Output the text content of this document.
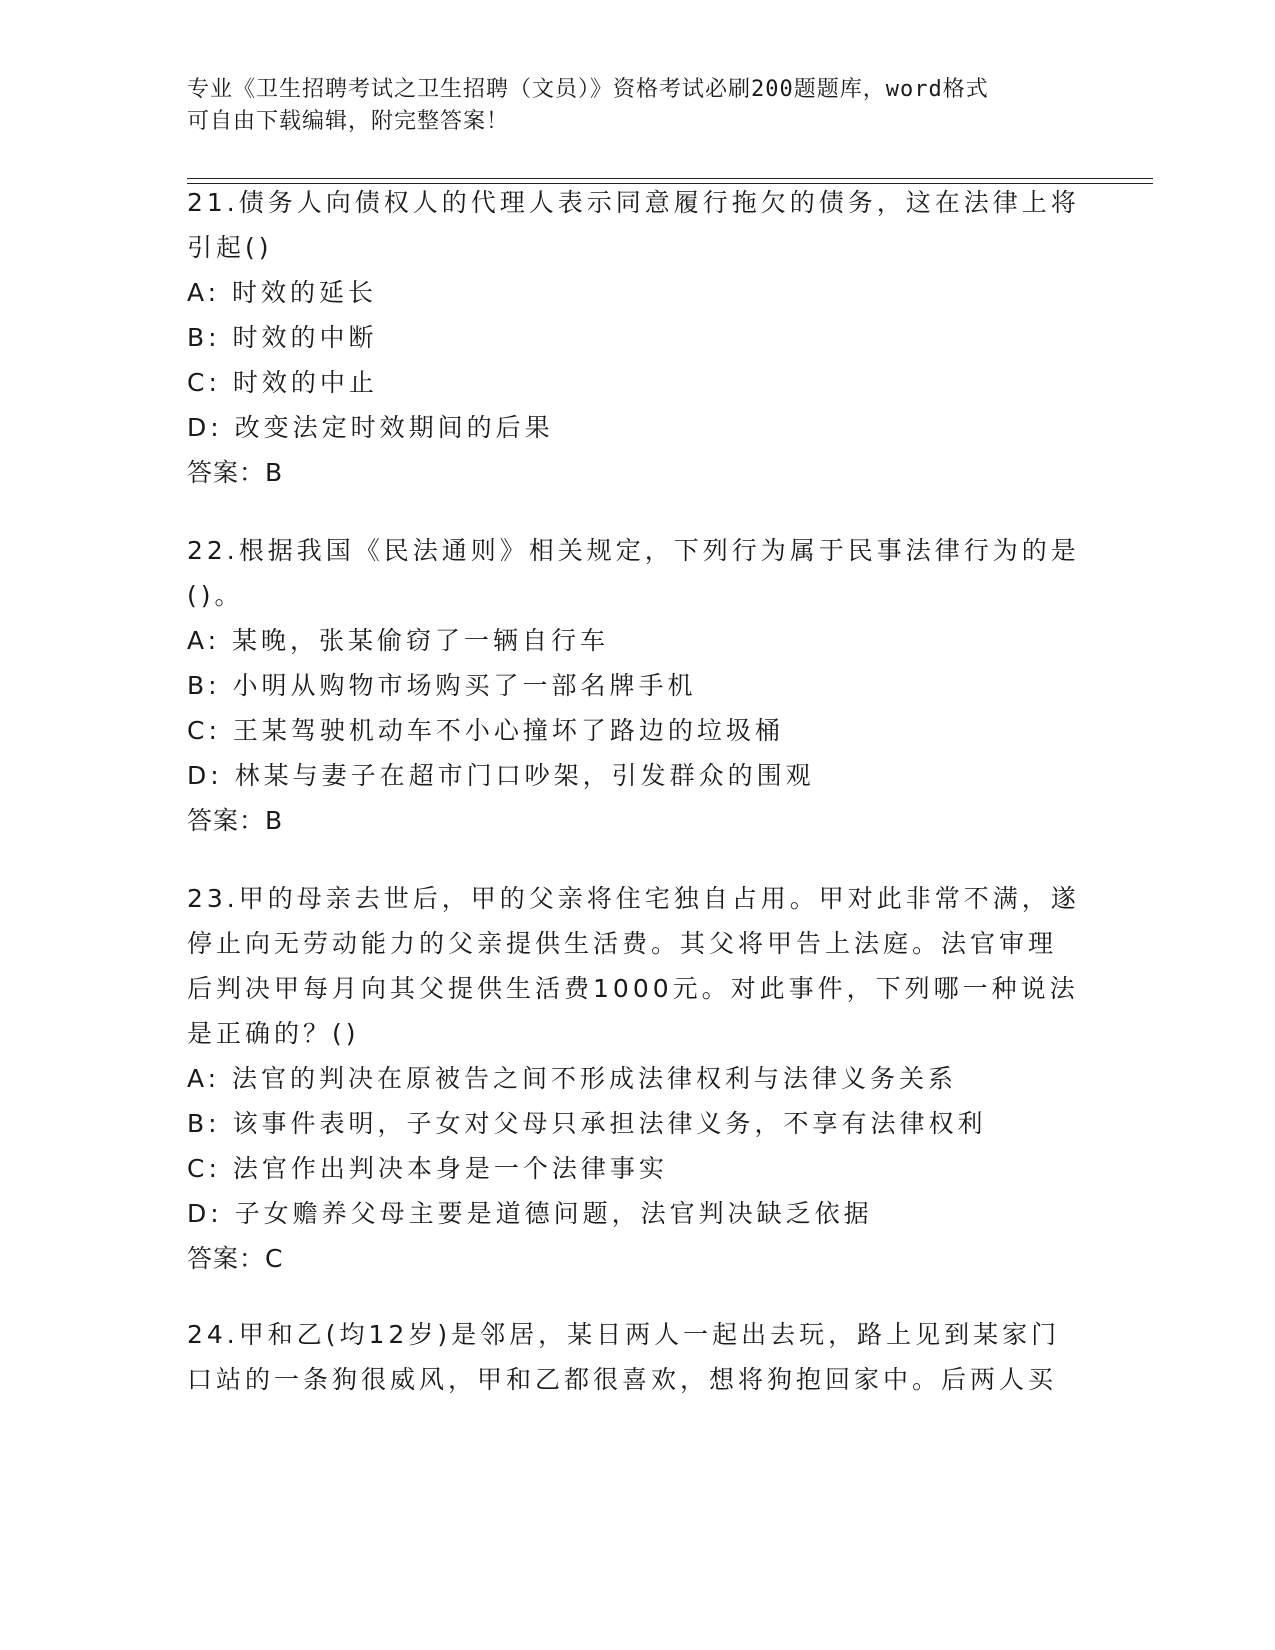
专业《卫生招聘考试之卫生招聘（文员）》资格考试必刷200题题库，word格式
可自由下载编辑，附完整答案！
21.债务人向债权人的代理人表示同意履行拖欠的债务，这在法律上将
引起()
A: 时效的延长
B: 时效的中断
C: 时效的中止
D: 改变法定时效期间的后果
答案：B
22.根据我国《民法通则》相关规定，下列行为属于民事法律行为的是
()。
A: 某晚，张某偷窃了一辆自行车
B: 小明从购物市场购买了一部名牌手机
C: 王某驾驶机动车不小心撞坏了路边的垃圾桶
D: 林某与妻子在超市门口吵架，引发群众的围观
答案：B
23.甲的母亲去世后，甲的父亲将住宅独自占用。甲对此非常不满，遂
停止向无劳动能力的父亲提供生活费。其父将甲告上法庭。法官审理
后判决甲每月向其父提供生活费1000元。对此事件，下列哪一种说法
是正确的？()
A: 法官的判决在原被告之间不形成法律权利与法律义务关系
B: 该事件表明，子女对父母只承担法律义务，不享有法律权利
C: 法官作出判决本身是一个法律事实
D: 子女赡养父母主要是道德问题，法官判决缺乏依据
答案：C
24.甲和乙(均12岁)是邻居，某日两人一起出去玩，路上见到某家门
口站的一条狗很威风，甲和乙都很喜欢，想将狗抱回家中。后两人买
